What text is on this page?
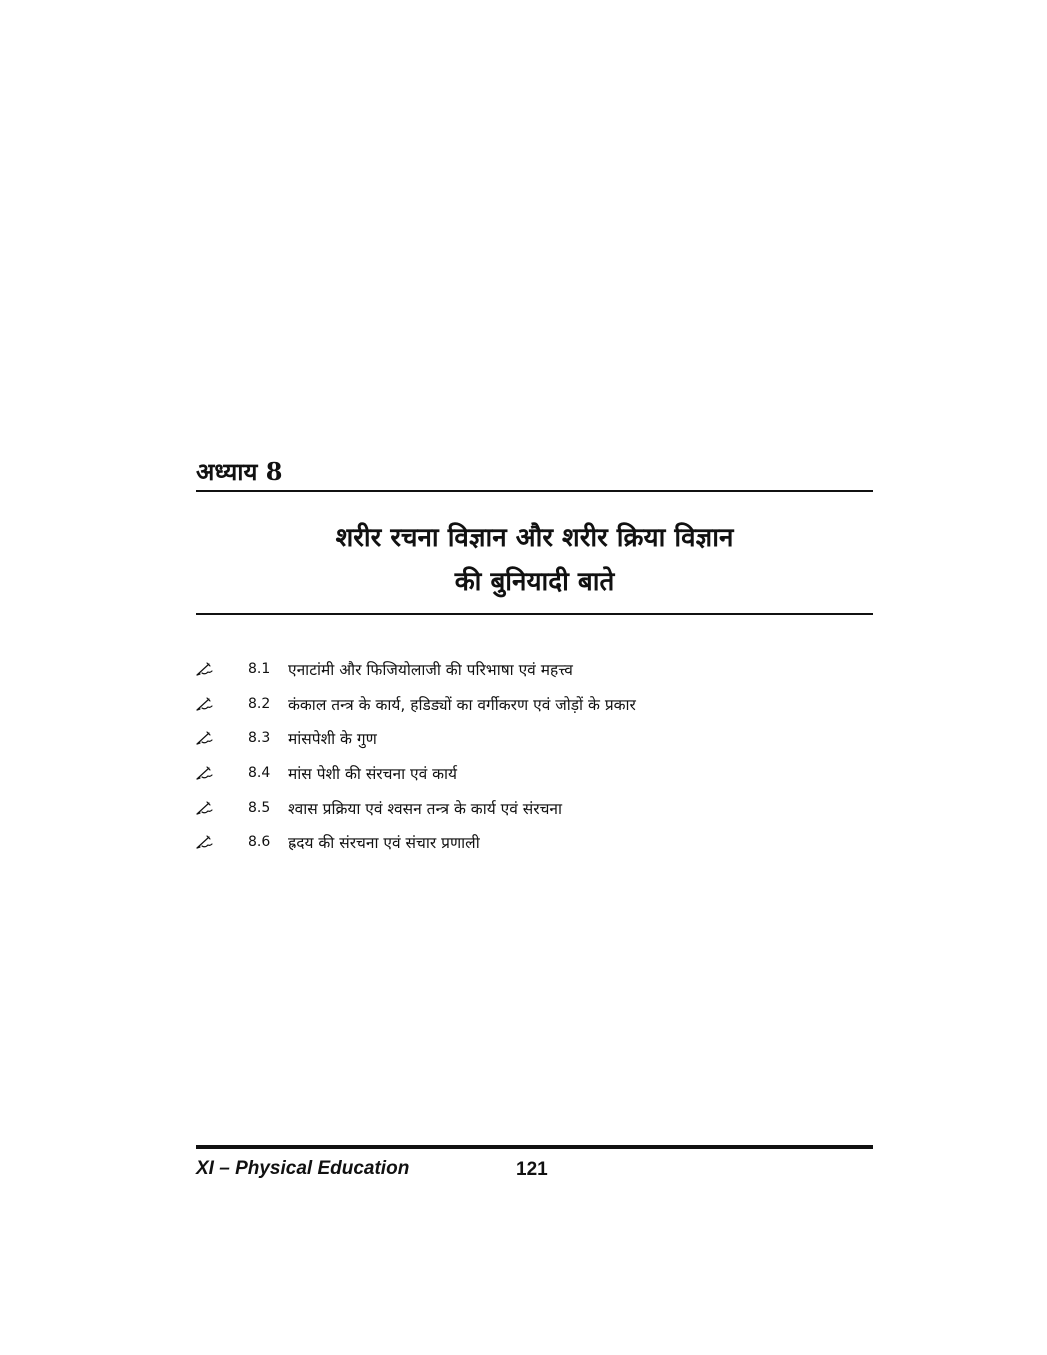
अध्याय 8
शरीर रचना विज्ञान और शरीर क्रिया विज्ञान
की बुनियादी बाते
8.1	एनाटांमी और फिजियोलाजी की परिभाषा एवं महत्त्व
8.2	कंकाल तन्त्र के कार्य, हडिड्यों का वर्गीकरण एवं जोड़ों के प्रकार
8.3	मांसपेशी के गुण
8.4	मांस पेशी की संरचना एवं कार्य
8.5	श्वास प्रक्रिया एवं श्वसन तन्त्र के कार्य एवं संरचना
8.6	ह्रदय की संरचना एवं संचार प्रणाली
XI – Physical Education	121
